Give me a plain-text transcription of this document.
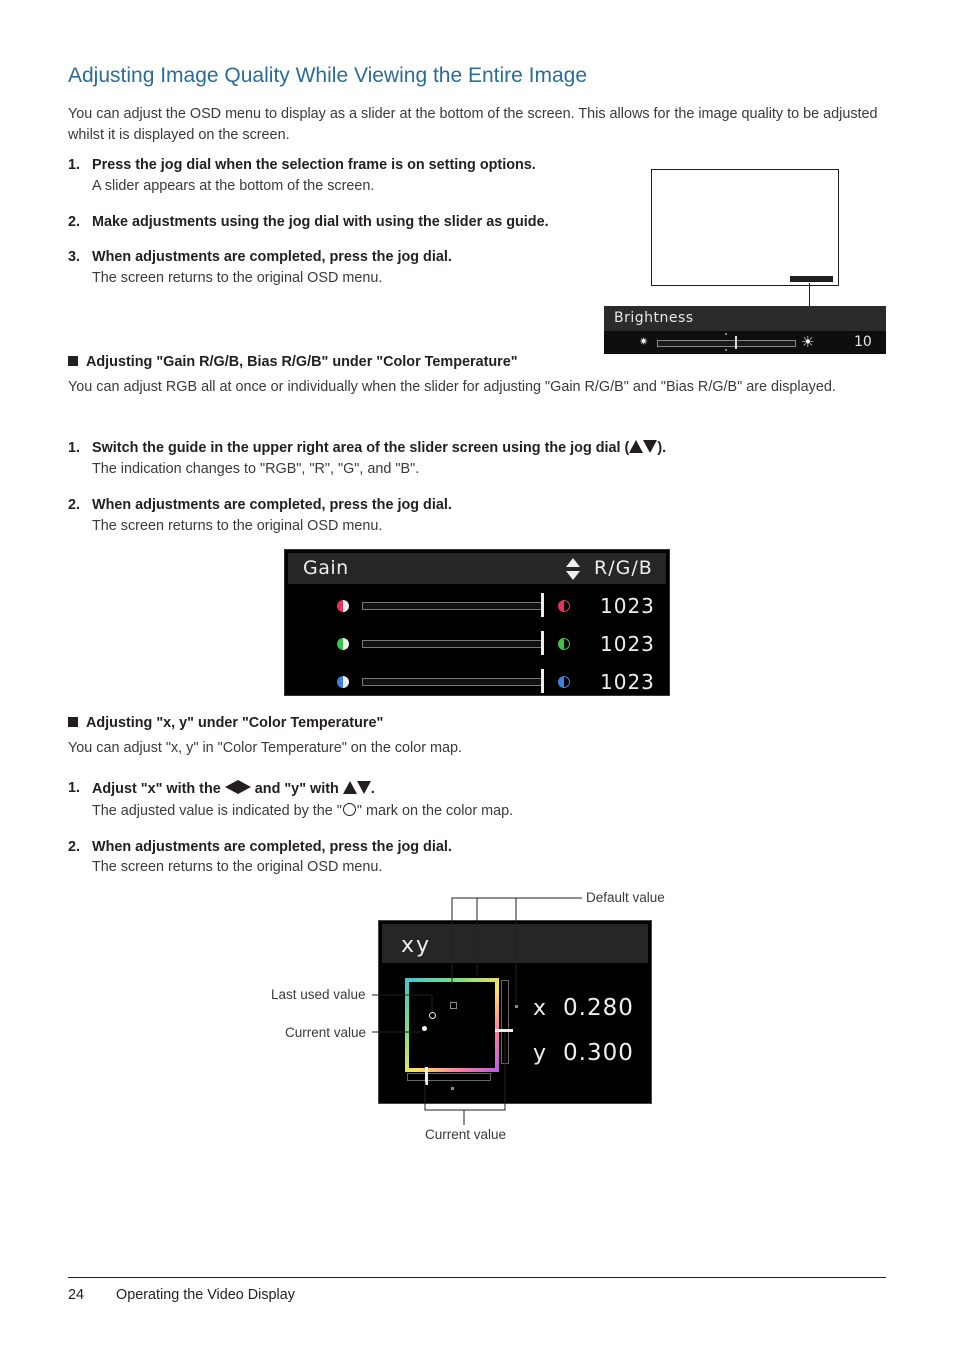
Adjusting Image Quality While Viewing the Entire Image
You can adjust the OSD menu to display as a slider at the bottom of the screen. This allows for the image quality to be adjusted whilst it is displayed on the screen.
1. Press the jog dial when the selection frame is on setting options.
A slider appears at the bottom of the screen.
2. Make adjustments using the jog dial with using the slider as guide.
3. When adjustments are completed, press the jog dial.
The screen returns to the original OSD menu.
Brightness
✷	☀	10
Adjusting "Gain R/G/B, Bias R/G/B" under "Color Temperature"
You can adjust RGB all at once or individually when the slider for adjusting "Gain R/G/B" and "Bias R/G/B" are displayed.
1. Switch the guide in the upper right area of the slider screen using the jog dial ( ).
The indication changes to "RGB", "R", "G", and "B".
2. When adjustments are completed, press the jog dial.
The screen returns to the original OSD menu.
Gain	R/G/B
1023
1023
1023
Adjusting "x, y" under "Color Temperature"
You can adjust "x, y" in "Color Temperature" on the color map.
1. Adjust "x" with the and "y" with .
The adjusted value is indicated by the "○" mark on the color map.
2. When adjustments are completed, press the jog dial.
The screen returns to the original OSD menu.
xy
x 0.280
y 0.300
Default value
Last used value
Current value
Current value
24 Operating the Video Display
